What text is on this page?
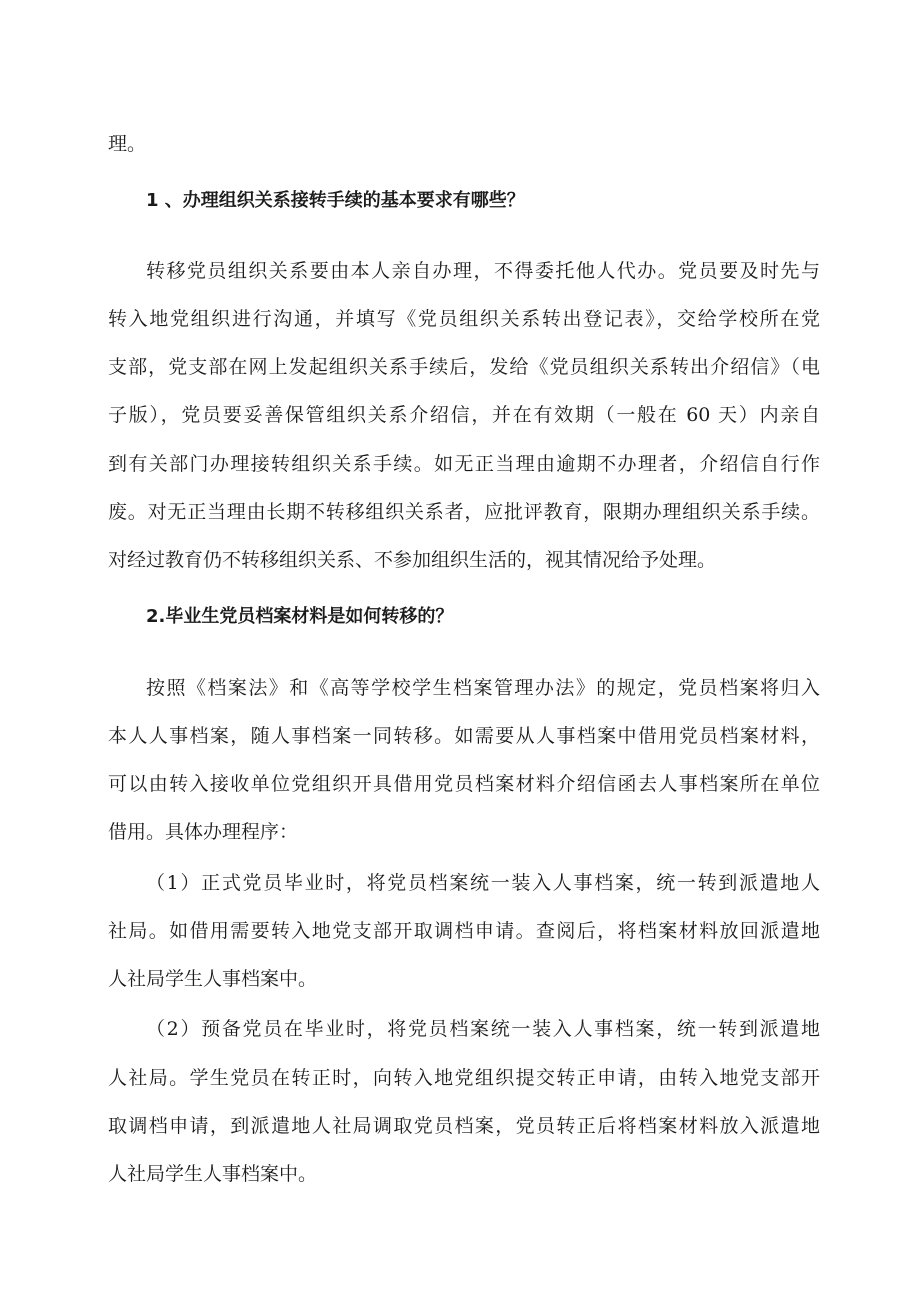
理。
1 、办理组织关系接转手续的基本要求有哪些？
转移党员组织关系要由本人亲自办理，不得委托他人代办。党员要及时先与
转入地党组织进行沟通，并填写《党员组织关系转出登记表》，交给学校所在党
支部，党支部在网上发起组织关系手续后，发给《党员组织关系转出介绍信》（电
子版），党员要妥善保管组织关系介绍信，并在有效期（一般在 60 天）内亲自
到有关部门办理接转组织关系手续。如无正当理由逾期不办理者，介绍信自行作
废。对无正当理由长期不转移组织关系者，应批评教育，限期办理组织关系手续。
对经过教育仍不转移组织关系、不参加组织生活的，视其情况给予处理。
2.毕业生党员档案材料是如何转移的？
按照《档案法》和《高等学校学生档案管理办法》的规定，党员档案将归入
本人人事档案，随人事档案一同转移。如需要从人事档案中借用党员档案材料，
可以由转入接收单位党组织开具借用党员档案材料介绍信函去人事档案所在单位
借用。具体办理程序：
（1）正式党员毕业时，将党员档案统一装入人事档案，统一转到派遣地人
社局。如借用需要转入地党支部开取调档申请。查阅后，将档案材料放回派遣地
人社局学生人事档案中。
（2）预备党员在毕业时，将党员档案统一装入人事档案，统一转到派遣地
人社局。学生党员在转正时，向转入地党组织提交转正申请，由转入地党支部开
取调档申请，到派遣地人社局调取党员档案，党员转正后将档案材料放入派遣地
人社局学生人事档案中。
